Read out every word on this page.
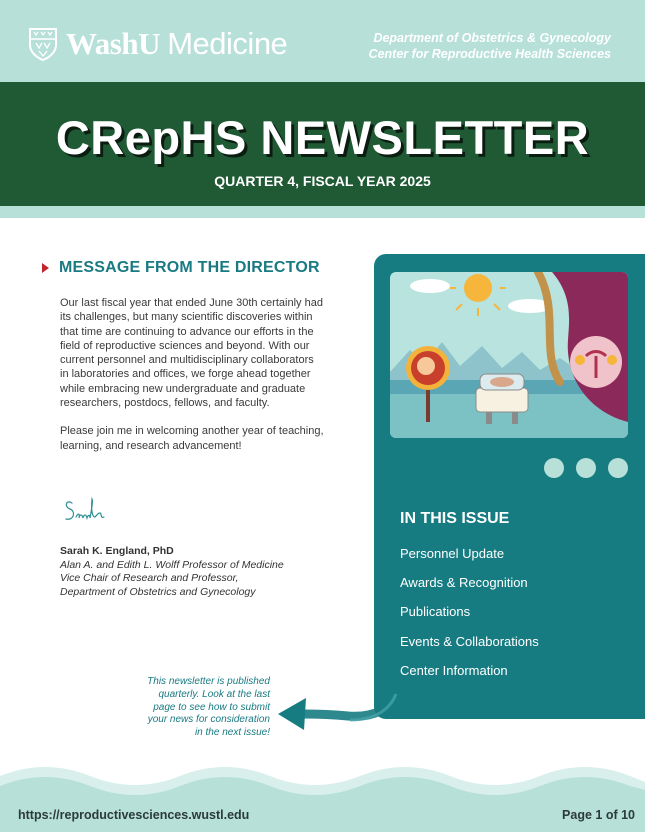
WashU Medicine	Department of Obstetrics & Gynecology
Center for Reproductive Health Sciences
CRepHS NEWSLETTER
QUARTER 4, FISCAL YEAR 2025
MESSAGE FROM THE DIRECTOR

Our last fiscal year that ended June 30th certainly had its challenges, but many scientific discoveries within that time are continuing to advance our efforts in the field of reproductive sciences and beyond. With our current personnel and multidisciplinary collaborators in laboratories and offices, we forge ahead together while embracing new undergraduate and graduate researchers, postdocs, fellows, and faculty.

Please join me in welcoming another year of teaching, learning, and research advancement!

Sarah K. England, PhD
Alan A. and Edith L. Wolff Professor of Medicine
Vice Chair of Research and Professor,
Department of Obstetrics and Gynecology
IN THIS ISSUE
Personnel Update
Awards & Recognition
Publications
Events & Collaborations
Center Information
This newsletter is published
quarterly. Look at the last
page to see how to submit
your news for consideration
in the next issue!
https://reproductivesciences.wustl.edu	Page 1 of 10
